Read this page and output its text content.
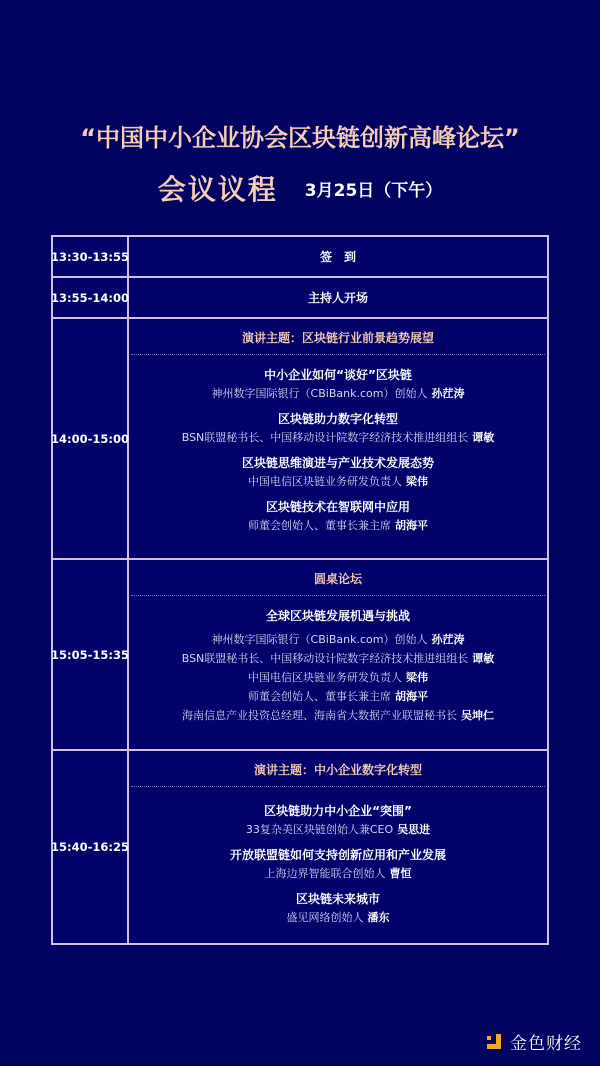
“中国中小企业协会区块链创新高峰论坛”
会议议程 3月25日（下午）
13:30-13:55	签　到
13:55-14:00	主持人开场
14:00-15:00
演讲主题：区块链行业前景趋势展望
中小企业如何“谈好”区块链
神州数字国际银行（CBiBank.com）创始人 孙茳涛
区块链助力数字化转型
BSN联盟秘书长、中国移动设计院数字经济技术推进组组长 谭敏
区块链思维演进与产业技术发展态势
中国电信区块链业务研发负责人 梁伟
区块链技术在智联网中应用
师董会创始人、董事长兼主席 胡海平
15:05-15:35
圆桌论坛
全球区块链发展机遇与挑战
神州数字国际银行（CBiBank.com）创始人 孙茳涛
BSN联盟秘书长、中国移动设计院数字经济技术推进组组长 谭敏
中国电信区块链业务研发负责人 梁伟
师董会创始人、董事长兼主席 胡海平
海南信息产业投资总经理、海南省大数据产业联盟秘书长 吴坤仁
15:40-16:25
演讲主题：中小企业数字化转型
区块链助力中小企业“突围”
33复杂美区块链创始人兼CEO 吴思进
开放联盟链如何支持创新应用和产业发展
上海边界智能联合创始人 曹恒
区块链未来城市
盛见网络创始人 潘东
金色财经
